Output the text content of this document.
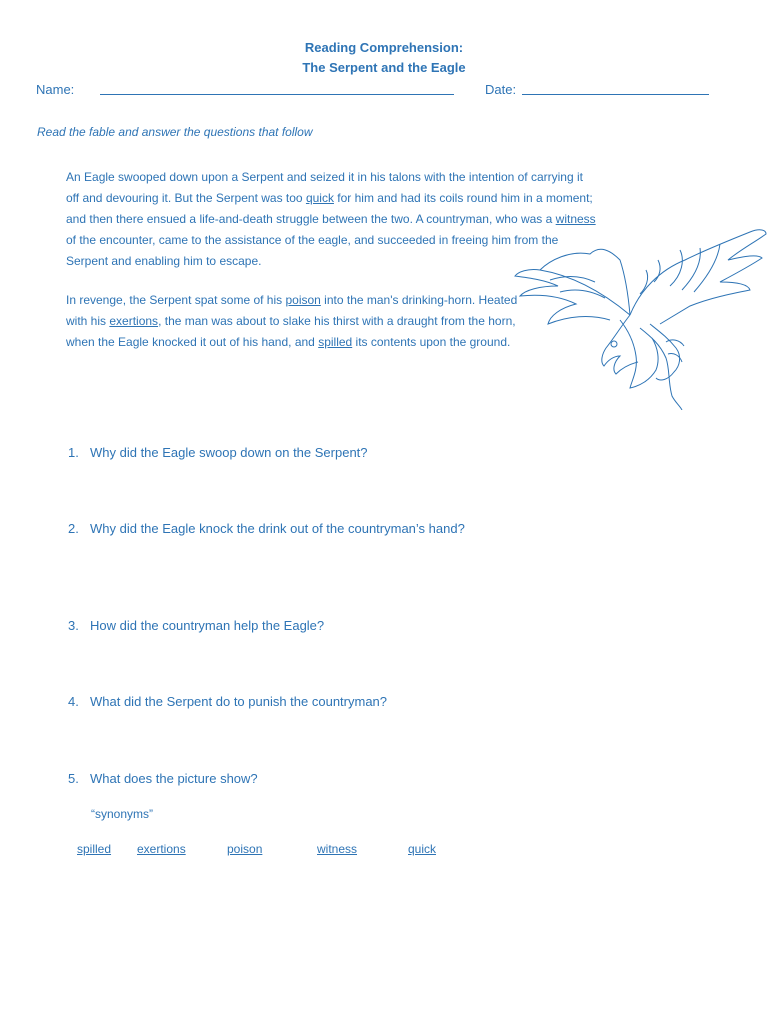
Reading Comprehension:
The Serpent and the Eagle
Name:	Date:
Read the fable and answer the questions that follow

An Eagle swooped down upon a Serpent and seized it in his talons with the intention of carrying it off and devouring it. But the Serpent was too quick for him and had its coils round him in a moment; and then there ensued a life-and-death struggle between the two. A countryman, who was a witness of the encounter, came to the assistance of the eagle, and succeeded in freeing him from the Serpent and enabling him to escape.

In revenge, the Serpent spat some of his poison into the man's drinking-horn. Heated with his exertions, the man was about to slake his thirst with a draught from the horn, when the Eagle knocked it out of his hand, and spilled its contents upon the ground.

1. Why did the Eagle swoop down on the Serpent?
2. Why did the Eagle knock the drink out of the countryman’s hand?
3. How did the countryman help the Eagle?
4. What did the Serpent do to punish the countryman?
5. What does the picture show?
“synonyms”
spilled exertions	poison	witness	quick
